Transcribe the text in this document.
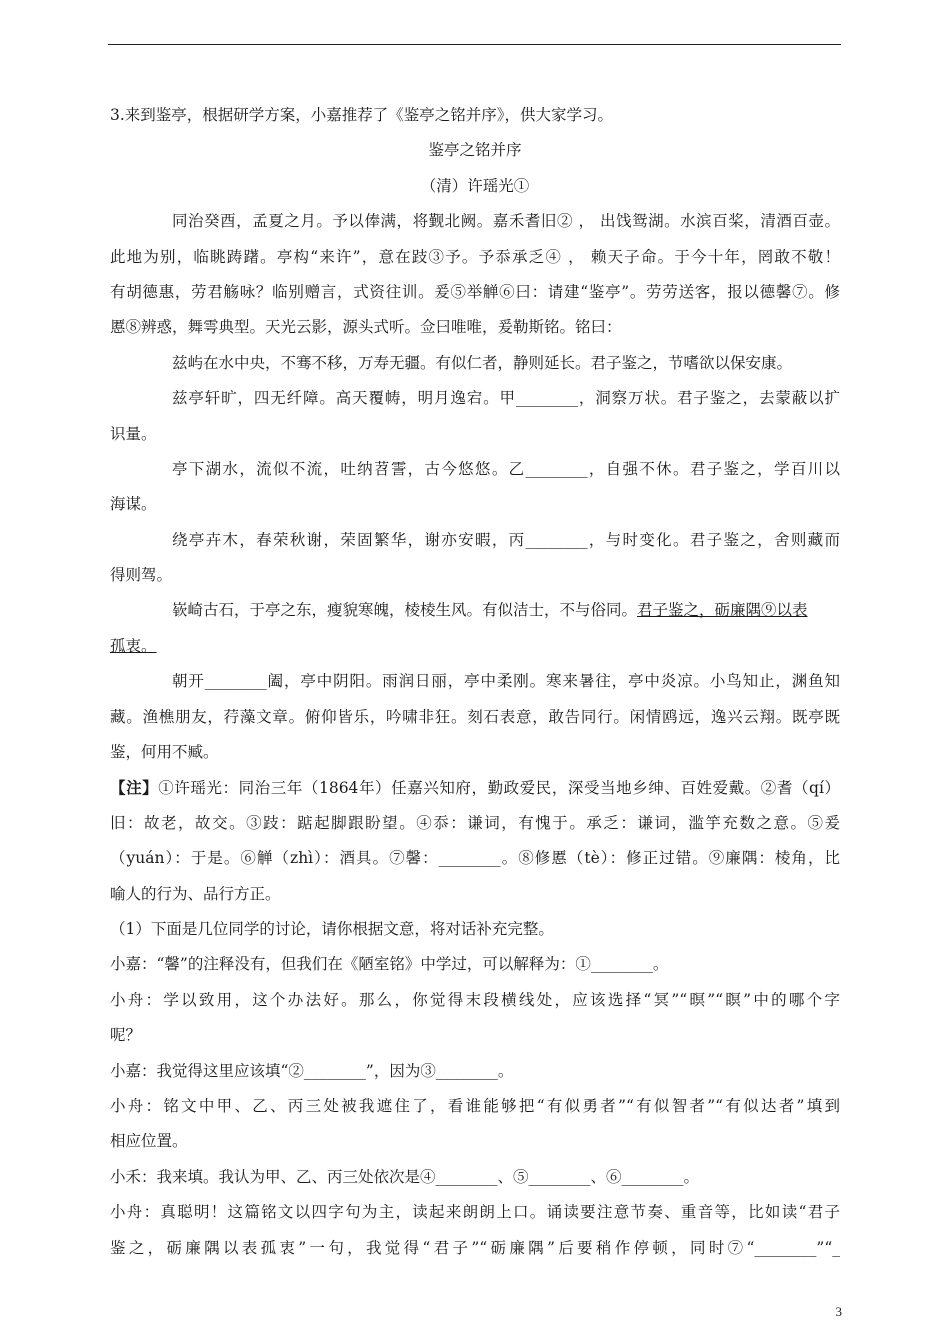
3.来到鉴亭，根据研学方案，小嘉推荐了《鉴亭之铭并序》，供大家学习。
鉴亭之铭并序
（清）许瑶光①
同治癸酉，孟夏之月。予以俸满，将觐北阙。嘉禾耆旧② ， 出饯鸳湖。水滨百桨，清酒百壶。
此地为别，临眺踌躇。亭构“来许”，意在跂③予。予忝承乏④ ， 赖天子命。于今十年，罔敢不敬！
有胡德惠，劳君觞咏？临别赠言，式资往训。爰⑤举觯⑥曰：请建“鉴亭”。劳劳送客，报以德馨⑦。修
慝⑧辨惑，舞雩典型。天光云影，源头式听。佥曰唯唯，爰勒斯铭。铭曰：
兹屿在水中央，不骞不移，万寿无疆。有似仁者，静则延长。君子鉴之，节嗜欲以保安康。
兹亭轩旷，四无纤障。高天覆帱，明月逸宕。甲________，洞察万状。君子鉴之，去蒙蔽以扩
识量。
亭下湖水，流似不流，吐纳苕霅，古今悠悠。乙________，自强不休。君子鉴之，学百川以
海谋。
绕亭卉木，春荣秋谢，荣固繁华，谢亦安暇，丙________，与时变化。君子鉴之，舍则藏而
得则驾。
嵚崎古石，于亭之东，瘦貌寒魄，棱棱生风。有似洁士，不与俗同。君子鉴之，砺廉隅⑨以表
孤衷。
朝开________阖，亭中阴阳。雨润日丽，亭中柔刚。寒来暑往，亭中炎凉。小鸟知止，渊鱼知
藏。渔樵朋友，荇藻文章。俯仰皆乐，吟啸非狂。刻石表意，敢告同行。闲情鸥远，逸兴云翔。既亭既
鉴，何用不臧。
【注】①许瑶光：同治三年（1864年）任嘉兴知府，勤政爱民，深受当地乡绅、百姓爱戴。②耆（qí）
旧：故老，故交。③跂：踮起脚跟盼望。④忝：谦词，有愧于。承乏：谦词，滥竽充数之意。⑤爰
（yuán）：于是。⑥觯（zhì）：酒具。⑦馨：________。⑧修慝（tè）：修正过错。⑨廉隅：棱角，比
喻人的行为、品行方正。
（1）下面是几位同学的讨论，请你根据文意，将对话补充完整。
小嘉：“馨”的注释没有，但我们在《陋室铭》中学过，可以解释为：①________。
小舟：学以致用，这个办法好。那么，你觉得末段横线处，应该选择“冥”“暝”“瞑”中的哪个字
呢？
小嘉：我觉得这里应该填“②________”，因为③________。
小舟：铭文中甲、乙、丙三处被我遮住了，看谁能够把“有似勇者”“有似智者”“有似达者”填到
相应位置。
小禾：我来填。我认为甲、乙、丙三处依次是④________、⑤________、⑥________。
小舟：真聪明！这篇铭文以四字句为主，读起来朗朗上口。诵读要注意节奏、重音等，比如读“君子
鉴之，砺廉隅以表孤衷”一句，我觉得“君子”“砺廉隅”后要稍作停顿，同时⑦“________”“_
3
